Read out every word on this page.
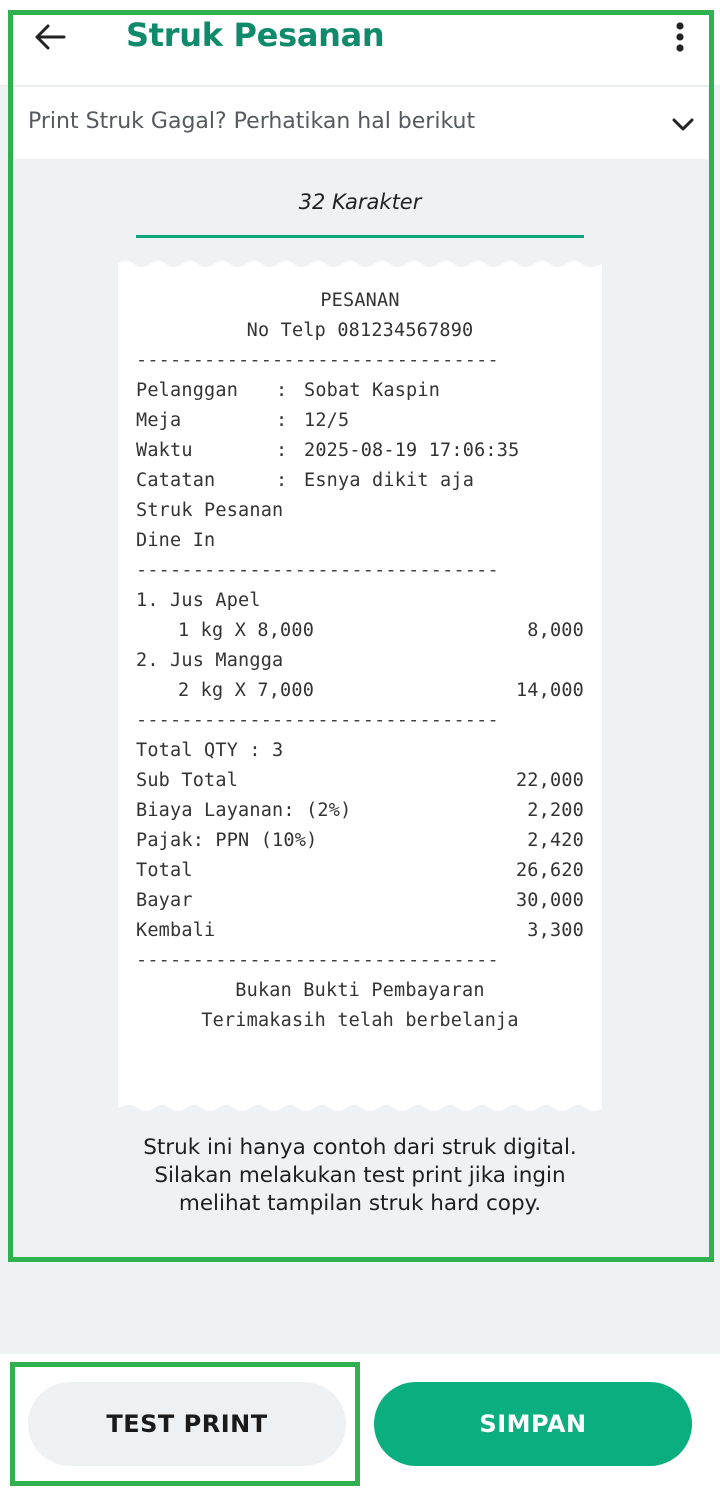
Struk Pesanan
Print Struk Gagal? Perhatikan hal berikut
32 Karakter
PESANAN
No Telp 081234567890
--------------------------------
Pelanggan	: Sobat Kaspin
Meja	: 12/5
Waktu	: 2025-08-19 17:06:35
Catatan	: Esnya dikit aja
Struk Pesanan
Dine In
--------------------------------
1. Jus Apel
1 kg X 8,000	8,000
2. Jus Mangga
2 kg X 7,000	14,000
--------------------------------
Total QTY : 3
Sub Total	22,000
Biaya Layanan: (2%)	2,200
Pajak: PPN (10%)	2,420
Total	26,620
Bayar	30,000
Kembali	3,300
--------------------------------
Bukan Bukti Pembayaran
Terimakasih telah berbelanja
Struk ini hanya contoh dari struk digital.
Silakan melakukan test print jika ingin
melihat tampilan struk hard copy.
TEST PRINT	SIMPAN
